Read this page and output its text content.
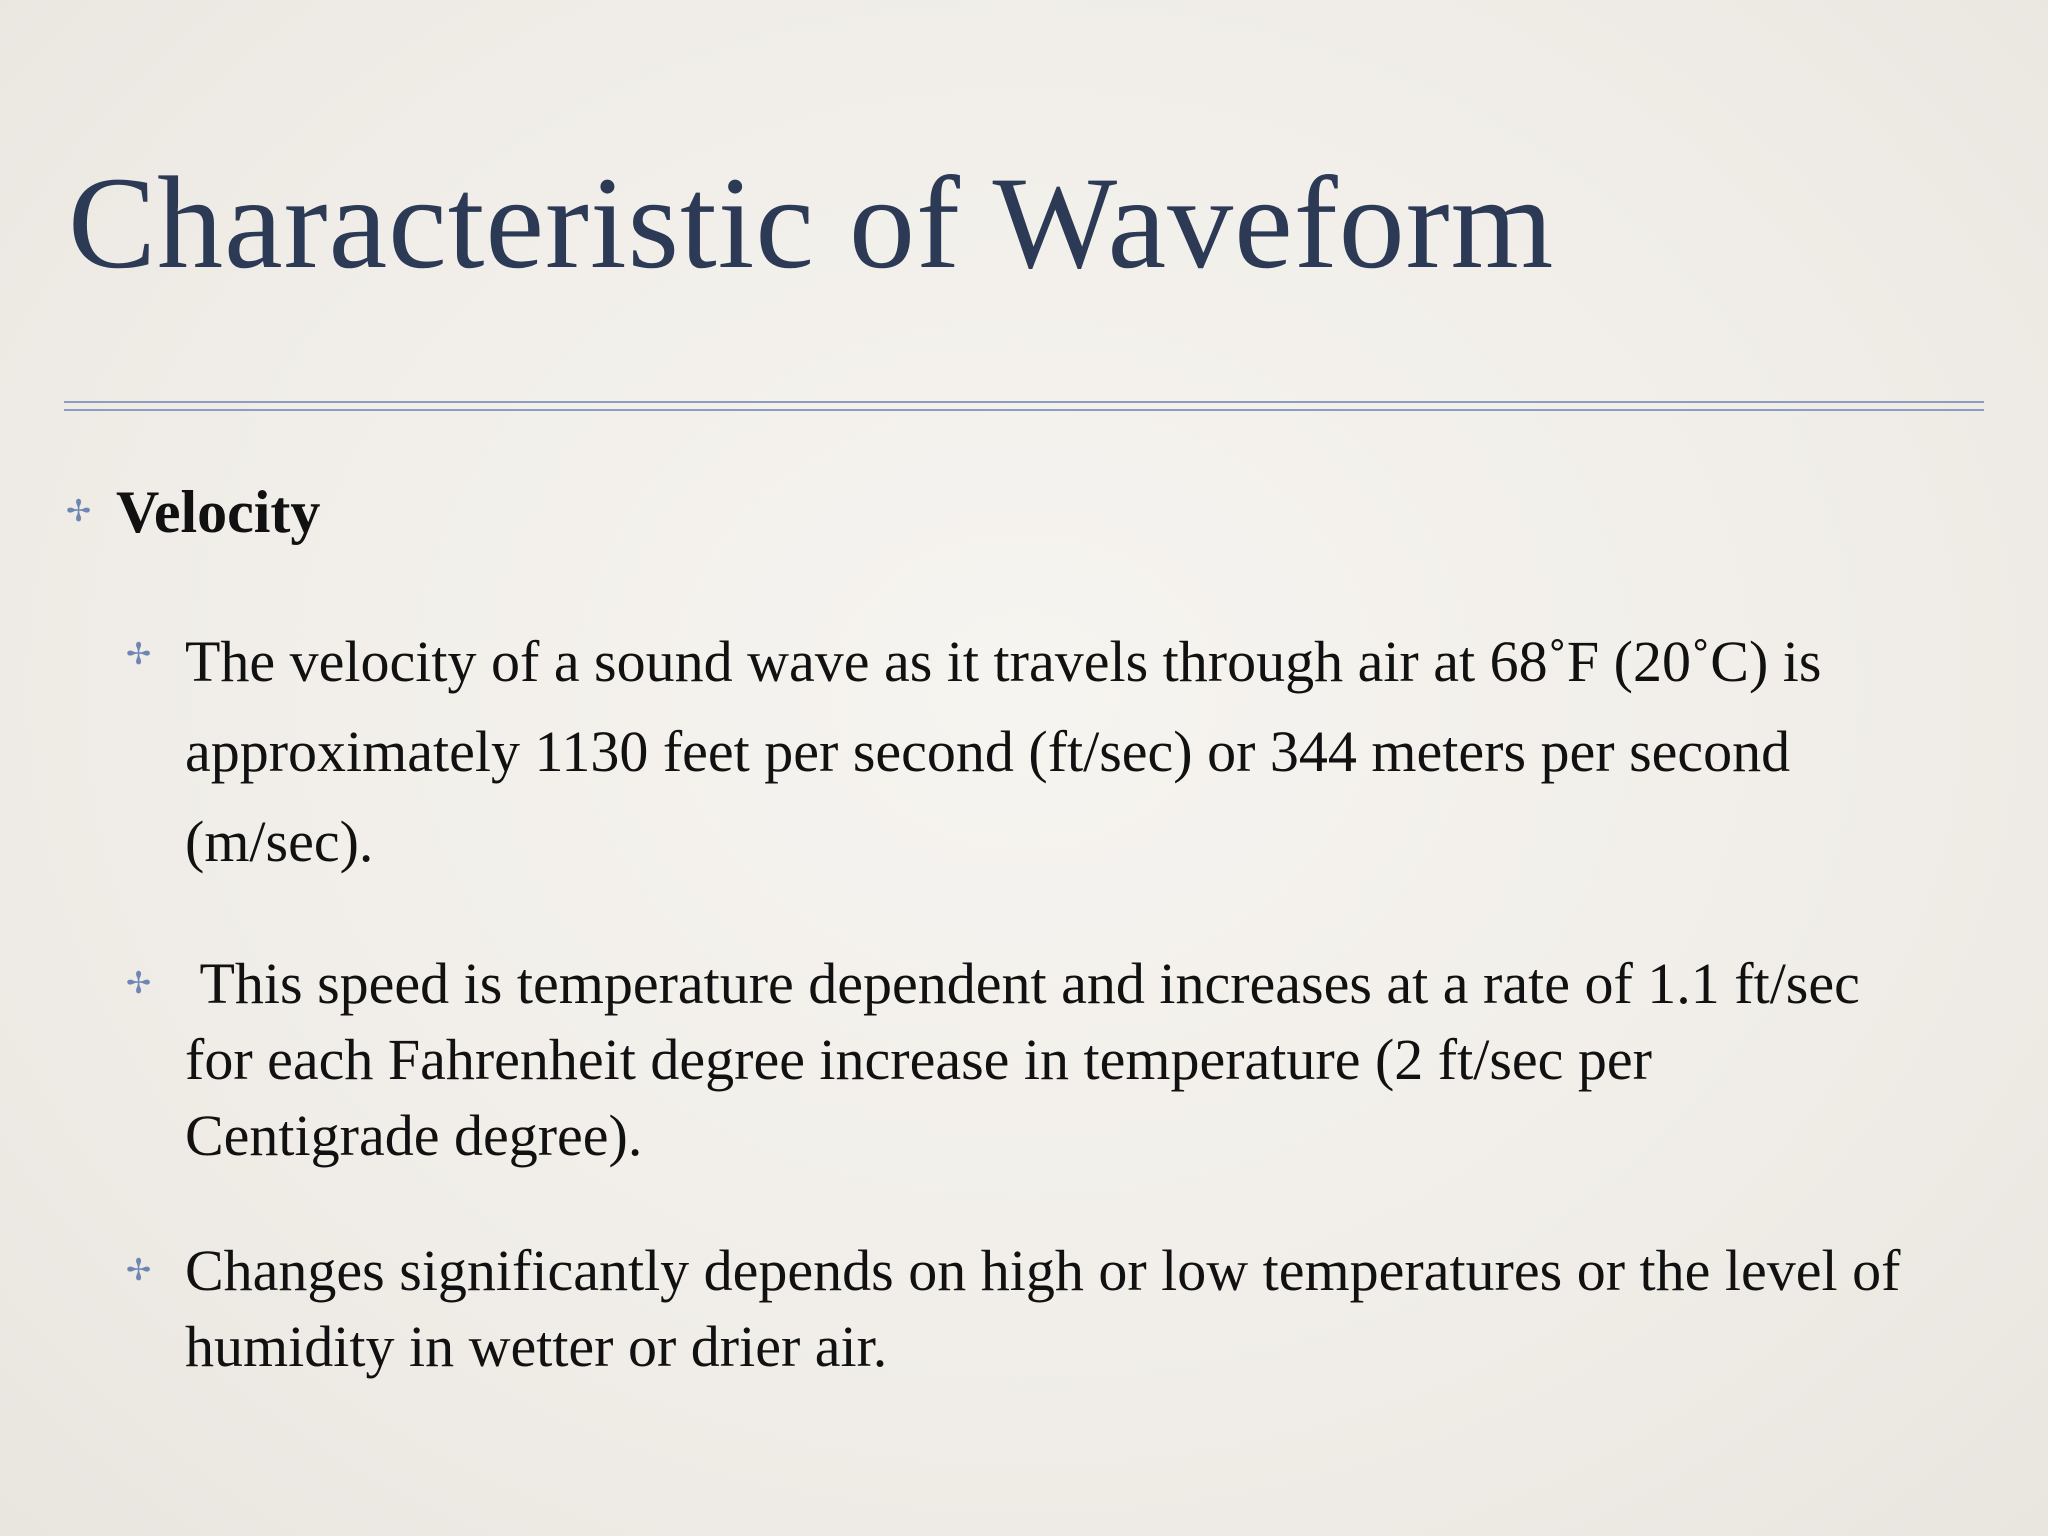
Characteristic of Waveform
✢ Velocity
✢ The velocity of a sound wave as it travels through air at 68˚F (20˚C) is approximately 1130 feet per second (ft/sec) or 344 meters per second (m/sec).
✢ This speed is temperature dependent and increases at a rate of 1.1 ft/sec for each Fahrenheit degree increase in temperature (2 ft/sec per Centigrade degree).
✢ Changes significantly depends on high or low temperatures or the level of humidity in wetter or drier air.
